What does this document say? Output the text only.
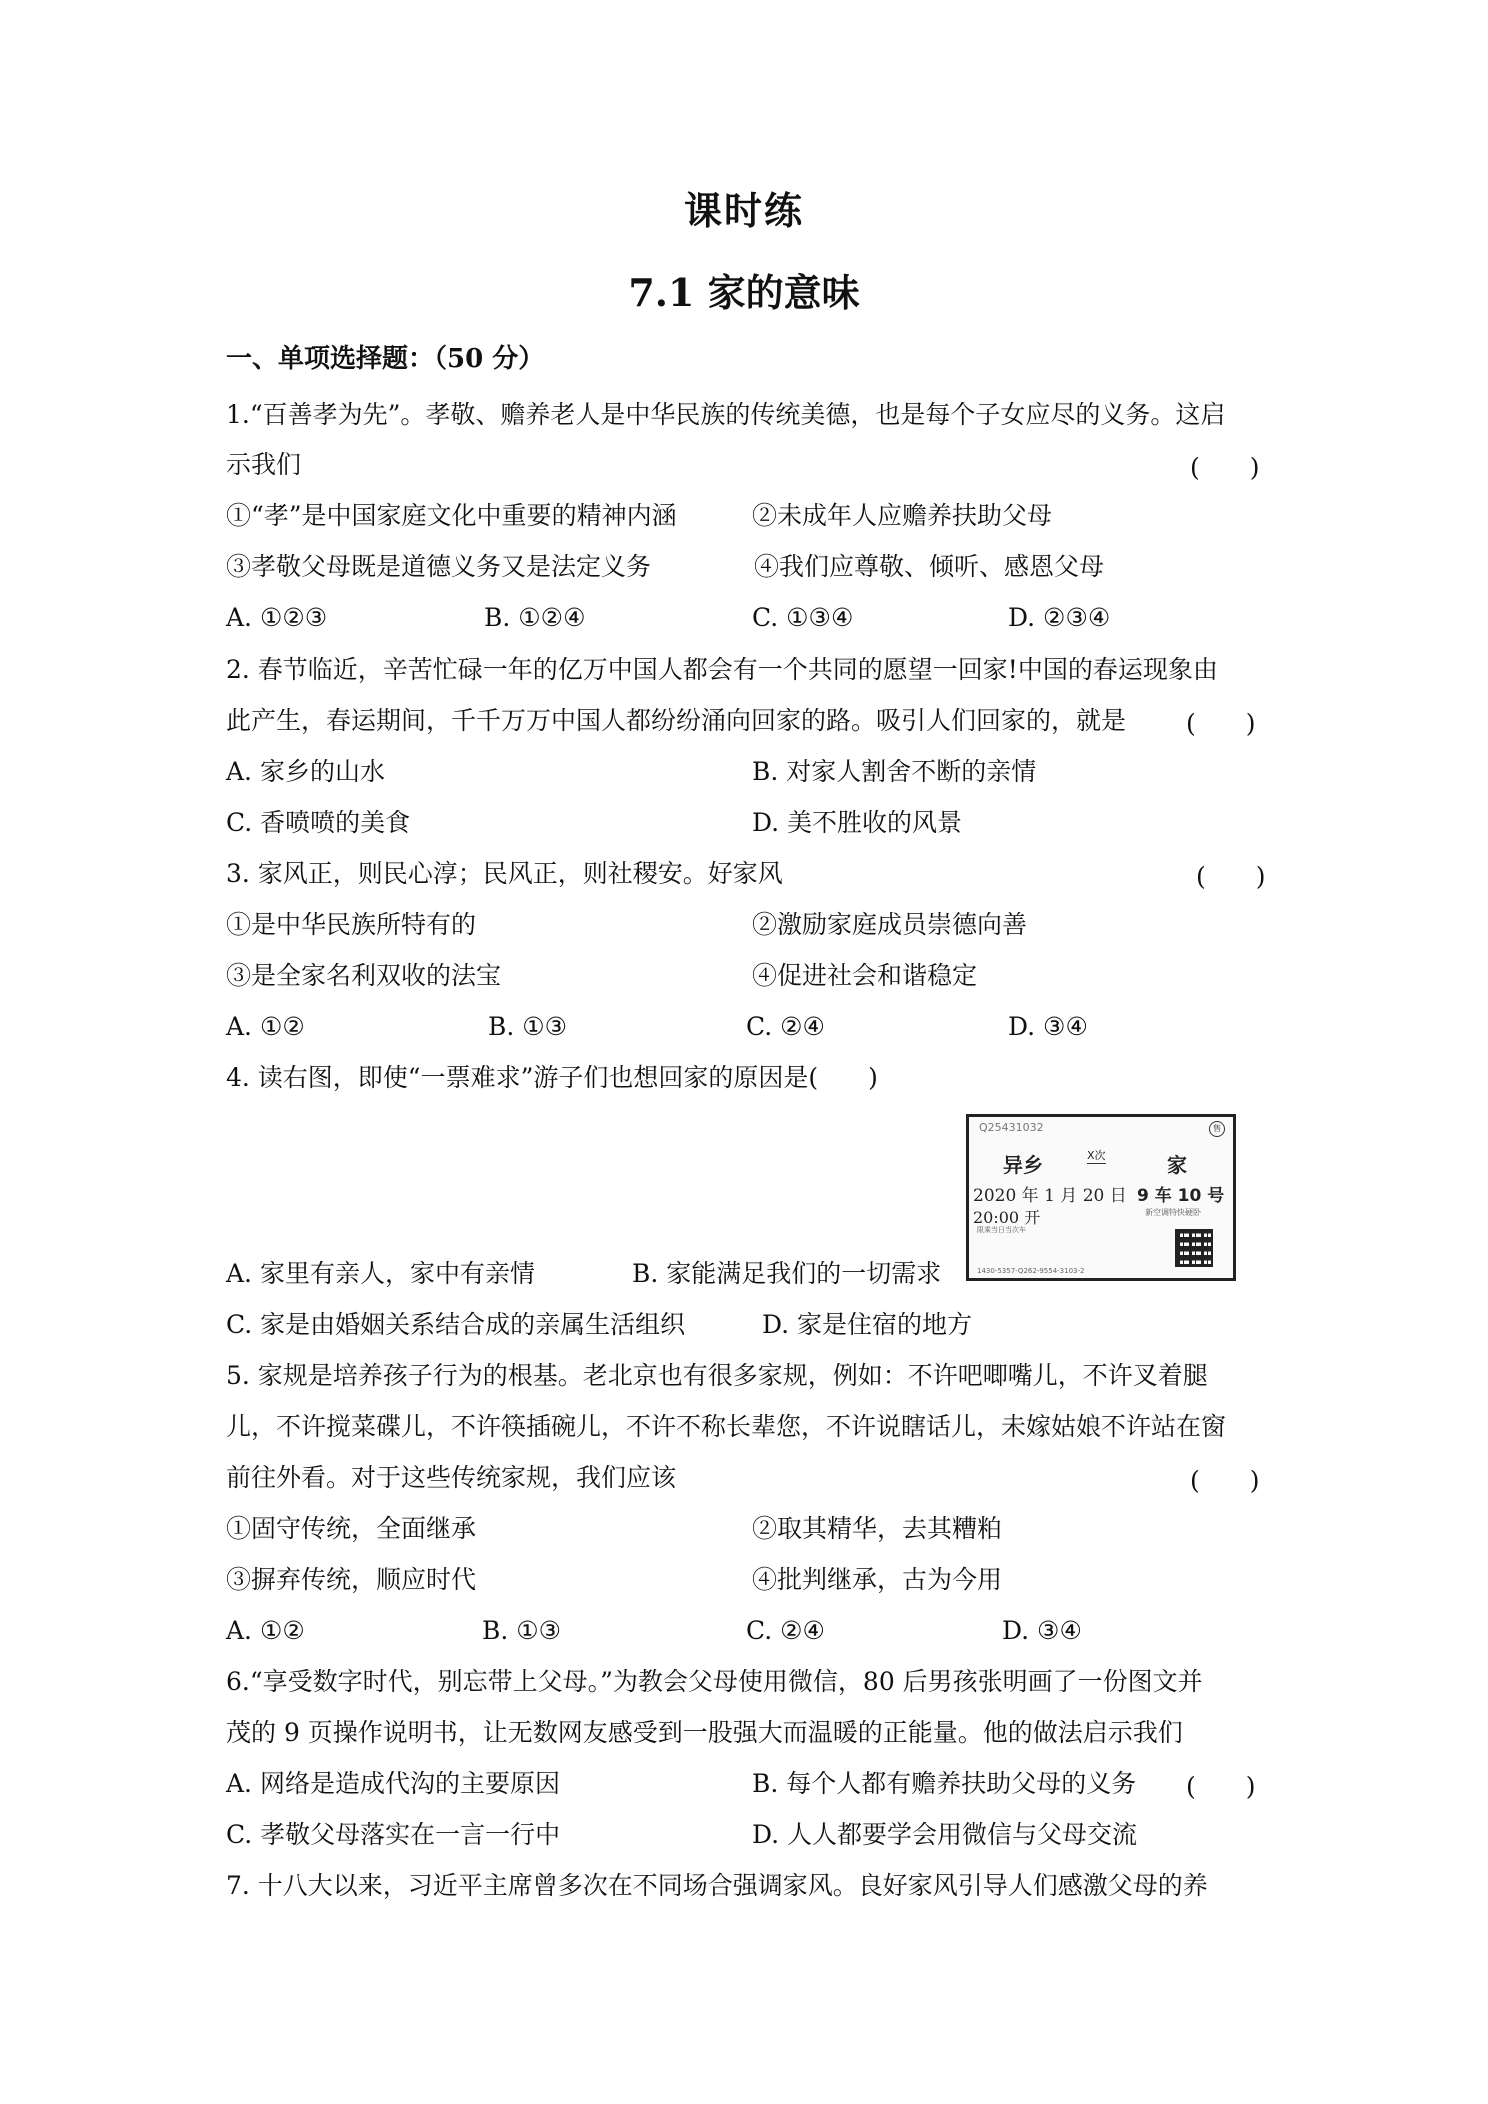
课时练
7.1 家的意味
一、单项选择题：（50 分）
1.“百善孝为先”。孝敬、赡养老人是中华民族的传统美德，也是每个子女应尽的义务。这启
示我们	(　　)
①“孝”是中国家庭文化中重要的精神内涵	②未成年人应赡养扶助父母
③孝敬父母既是道德义务又是法定义务	④我们应尊敬、倾听、感恩父母
A. ①②③	B. ①②④	C. ①③④	D. ②③④
2. 春节临近，辛苦忙碌一年的亿万中国人都会有一个共同的愿望一回家!中国的春运现象由
此产生，春运期间，千千万万中国人都纷纷涌向回家的路。吸引人们回家的，就是 (　　)
A. 家乡的山水	B. 对家人割舍不断的亲情
C. 香喷喷的美食	D. 美不胜收的风景
3. 家风正，则民心淳；民风正，则社稷安。好家风	(　　)
①是中华民族所特有的	②激励家庭成员崇德向善
③是全家名利双收的法宝	④促进社会和谐稳定
A. ①②	B. ①③	C. ②④	D. ③④
4. 读右图，即使“一票难求”游子们也想回家的原因是(　　)
Q25431032	售
异乡	X次	家
2020 年 1 月 20 日 9 车 10 号
20:00 开	新空调特快硬卧
限乘当日当次车
1430-5357-Q262-9554-3103-2
A. 家里有亲人，家中有亲情	B. 家能满足我们的一切需求
C. 家是由婚姻关系结合成的亲属生活组织	D. 家是住宿的地方
5. 家规是培养孩子行为的根基。老北京也有很多家规，例如：不许吧唧嘴儿，不许叉着腿
儿，不许搅菜碟儿，不许筷插碗儿，不许不称长辈您，不许说瞎话儿，未嫁姑娘不许站在窗
前往外看。对于这些传统家规，我们应该	(　　)
①固守传统，全面继承	②取其精华，去其糟粕
③摒弃传统，顺应时代	④批判继承，古为今用
A. ①②	B. ①③	C. ②④	D. ③④
6.“享受数字时代，别忘带上父母。”为教会父母使用微信，80 后男孩张明画了一份图文并
茂的 9 页操作说明书，让无数网友感受到一股强大而温暖的正能量。他的做法启示我们
A. 网络是造成代沟的主要原因	B. 每个人都有赡养扶助父母的义务 (　　)
C. 孝敬父母落实在一言一行中	D. 人人都要学会用微信与父母交流
7. 十八大以来，习近平主席曾多次在不同场合强调家风。良好家风引导人们感激父母的养
